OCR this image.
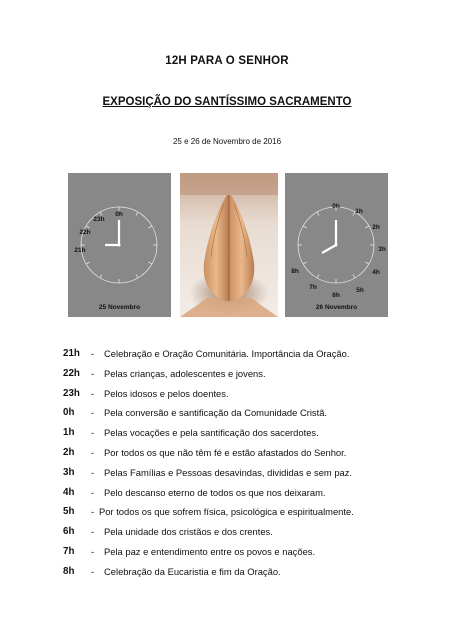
12H PARA O SENHOR
EXPOSIÇÃO DO SANTÍSSIMO SACRAMENTO
25 e 26 de Novembro de 2016
0h
23h
22h
21h
25 Novembro
0h
1h
2h
3h
4h
5h
6h
7h
8h
26 Novembro
21h - Celebração e Oração Comunitária. Importância da Oração.
22h - Pelas crianças, adolescentes e jovens.
23h - Pelos idosos e pelos doentes.
0h - Pela conversão e santificação da Comunidade Cristã.
1h - Pelas vocações e pela santificação dos sacerdotes.
2h - Por todos os que não têm fé e estão afastados do Senhor.
3h - Pelas Famílias e Pessoas desavindas, divididas e sem paz.
4h - Pelo descanso eterno de todos os que nos deixaram.
5h - Por todos os que sofrem física, psicológica e espiritualmente.
6h - Pela unidade dos cristãos e dos crentes.
7h - Pela paz e entendimento entre os povos e nações.
8h - Celebração da Eucaristia e fim da Oração.
